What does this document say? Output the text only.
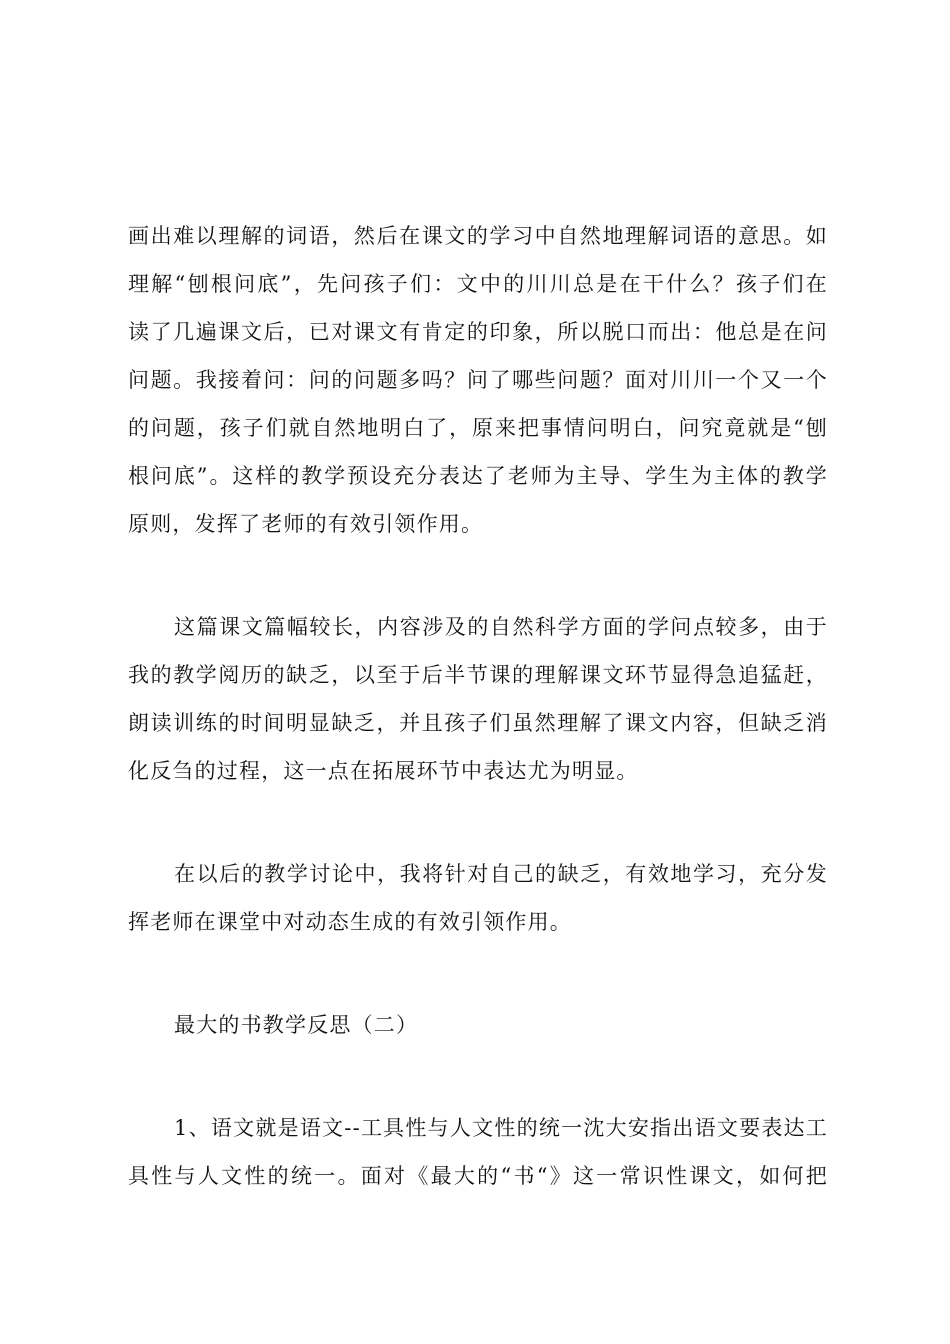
画出难以理解的词语，然后在课文的学习中自然地理解词语的意思。如
理解“刨根问底”，先问孩子们：文中的川川总是在干什么？孩子们在
读了几遍课文后，已对课文有肯定的印象，所以脱口而出：他总是在问
问题。我接着问：问的问题多吗？问了哪些问题？面对川川一个又一个
的问题，孩子们就自然地明白了，原来把事情问明白，问究竟就是“刨
根问底”。这样的教学预设充分表达了老师为主导、学生为主体的教学
原则，发挥了老师的有效引领作用。
这篇课文篇幅较长，内容涉及的自然科学方面的学问点较多，由于
我的教学阅历的缺乏，以至于后半节课的理解课文环节显得急追猛赶，
朗读训练的时间明显缺乏，并且孩子们虽然理解了课文内容，但缺乏消
化反刍的过程，这一点在拓展环节中表达尤为明显。
在以后的教学讨论中，我将针对自己的缺乏，有效地学习，充分发
挥老师在课堂中对动态生成的有效引领作用。
最大的书教学反思（二）
1、语文就是语文--工具性与人文性的统一沈大安指出语文要表达工
具性与人文性的统一。面对《最大的“书“》这一常识性课文，如何把
